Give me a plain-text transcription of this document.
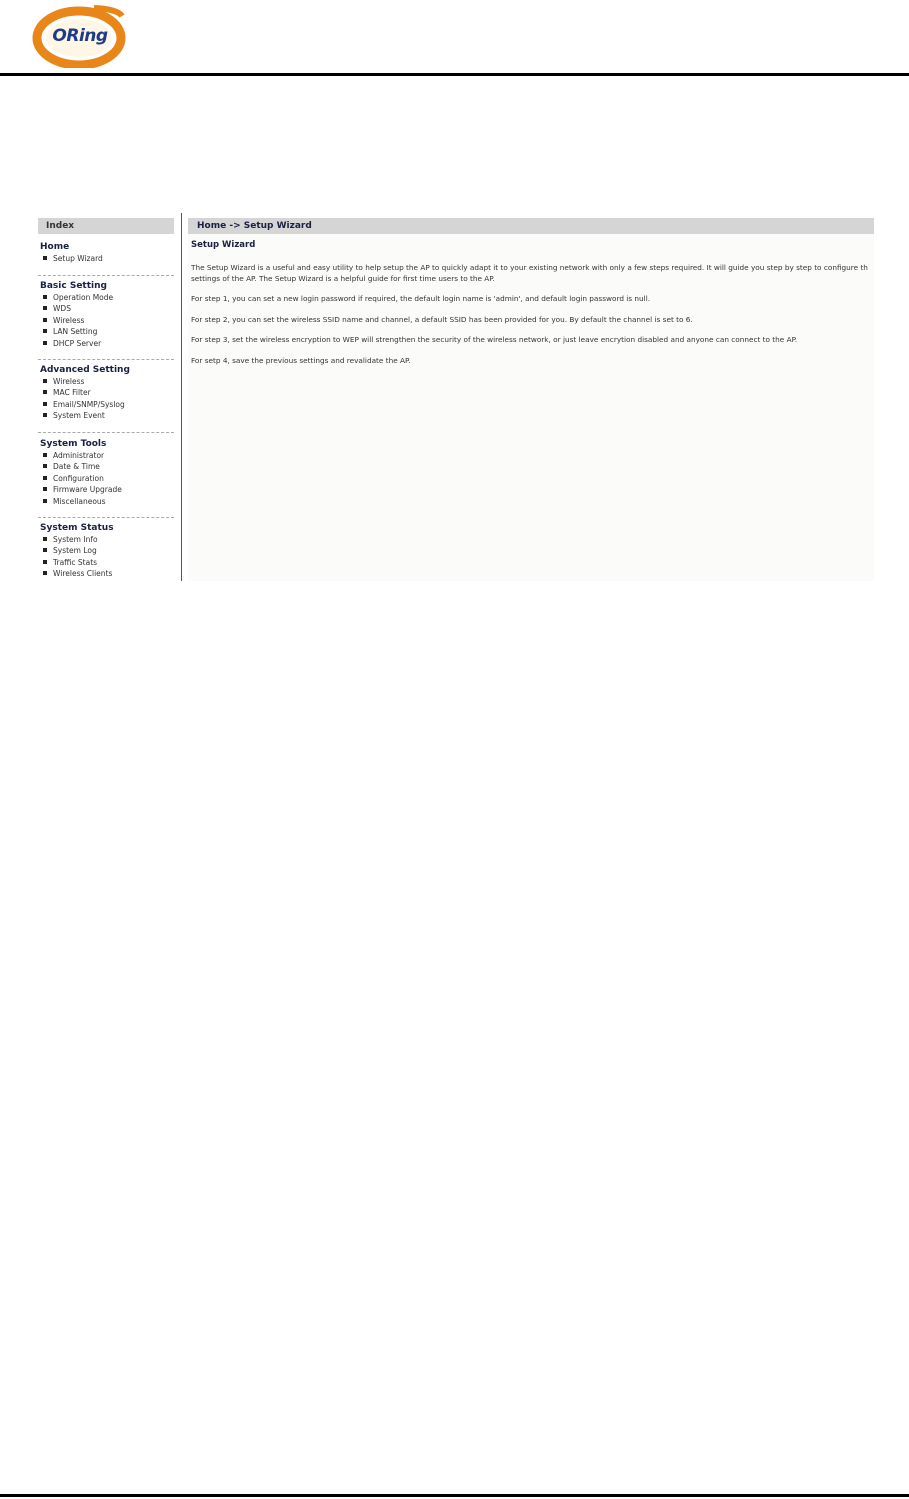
ORing
Index
Home
Setup Wizard
Basic Setting
Operation Mode
WDS
Wireless
LAN Setting
DHCP Server
Advanced Setting
Wireless
MAC Filter
Email/SNMP/Syslog
System Event
System Tools
Administrator
Date & Time
Configuration
Firmware Upgrade
Miscellaneous
System Status
System Info
System Log
Traffic Stats
Wireless Clients
Home -> Setup Wizard
Setup Wizard

The Setup Wizard is a useful and easy utility to help setup the AP to quickly adapt it to your existing network with only a few steps required. It will guide you step by step to configure th
settings of the AP. The Setup Wizard is a helpful guide for first time users to the AP.

For step 1, you can set a new login password if required, the default login name is 'admin', and default login password is null.

For step 2, you can set the wireless SSID name and channel, a default SSID has been provided for you. By default the channel is set to 6.

For step 3, set the wireless encryption to WEP will strengthen the security of the wireless network, or just leave encrytion disabled and anyone can connect to the AP.

For setp 4, save the previous settings and revalidate the AP.
